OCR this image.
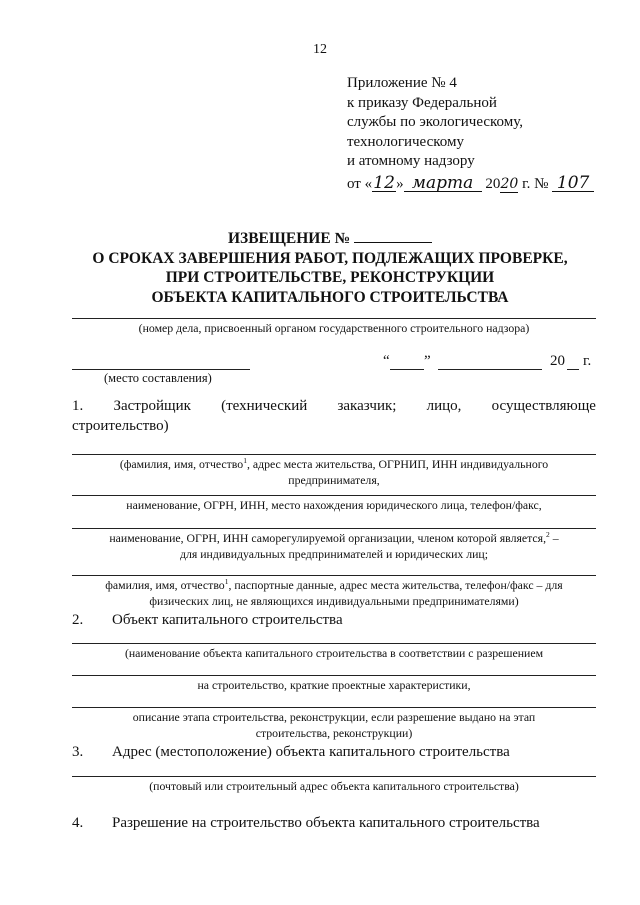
12
Приложение № 4
к приказу Федеральной
службы по экологическому,
технологическому
и атомному надзору
от «12» марта 2020 г. № 107
ИЗВЕЩЕНИЕ №
О СРОКАХ ЗАВЕРШЕНИЯ РАБОТ, ПОДЛЕЖАЩИХ ПРОВЕРКЕ,
ПРИ СТРОИТЕЛЬСТВЕ, РЕКОНСТРУКЦИИ
ОБЪЕКТА КАПИТАЛЬНОГО СТРОИТЕЛЬСТВА
(номер дела, присвоенный органом государственного строительного надзора)
(место составления)
“ ”	20 г.
1. Застройщик (технический заказчик; лицо, осуществляюще
строительство)
(фамилия, имя, отчество$^1$, адрес места жительства, ОГРНИП, ИНН индивидуального
предпринимателя,
наименование, ОГРН, ИНН, место нахождения юридического лица, телефон/факс,
наименование, ОГРН, ИНН саморегулируемой организации, членом которой является,$^2$ –
для индивидуальных предпринимателей и юридических лиц;
фамилия, имя, отчество$^1$, паспортные данные, адрес места жительства, телефон/факс – для
физических лиц, не являющихся индивидуальными предпринимателями)
2. Объект капитального строительства
(наименование объекта капитального строительства в соответствии с разрешением
на строительство, краткие проектные характеристики,
описание этапа строительства, реконструкции, если разрешение выдано на этап
строительства, реконструкции)
3. Адрес (местоположение) объекта капитального строительства
(почтовый или строительный адрес объекта капитального строительства)
4. Разрешение на строительство объекта капитального строительства
